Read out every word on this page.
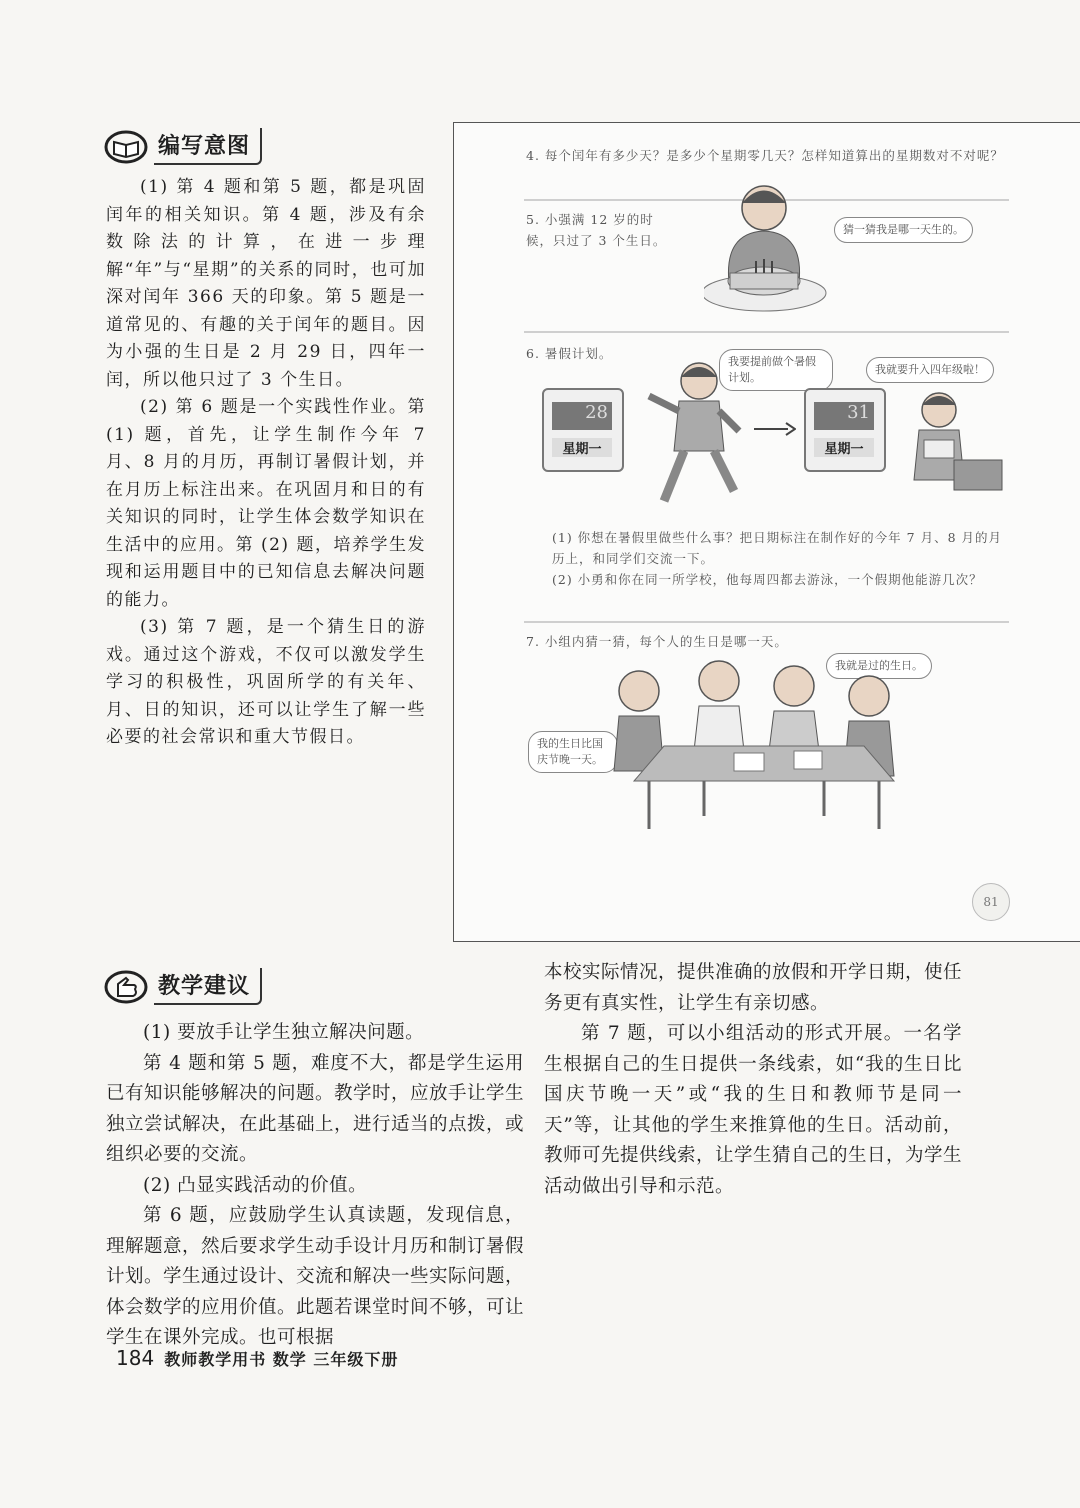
编写意图

(1) 第 4 题和第 5 题，都是巩固闰年的相关知识。第 4 题，涉及有余数除法的计算，在进一步理解“年”与“星期”的关系的同时，也可加深对闰年 366 天的印象。第 5 题是一道常见的、有趣的关于闰年的题目。因为小强的生日是 2 月 29 日，四年一闰，所以他只过了 3 个生日。

(2) 第 6 题是一个实践性作业。第 (1) 题，首先，让学生制作今年 7 月、8 月的月历，再制订暑假计划，并在月历上标注出来。在巩固月和日的有关知识的同时，让学生体会数学知识在生活中的应用。第 (2) 题，培养学生发现和运用题目中的已知信息去解决问题的能力。

(3) 第 7 题，是一个猜生日的游戏。通过这个游戏，不仅可以激发学生学习的积极性，巩固所学的有关年、月、日的知识，还可以让学生了解一些必要的社会常识和重大节假日。

4. 每个闰年有多少天？是多少个星期零几天？怎样知道算出的星期数对不对呢？
5. 小强满 12 岁的时候，只过了 3 个生日。
猜一猜我是哪一天生的。
6. 暑假计划。
28
星期一
我要提前做个暑假计划。
31
星期一
我就要升入四年级啦！
(1) 你想在暑假里做些什么事？把日期标注在制作好的今年 7 月、8 月的月历上，和同学们交流一下。
(2) 小勇和你在同一所学校，他每周四都去游泳，一个假期他能游几次？
7. 小组内猜一猜，每个人的生日是哪一天。
我就是过的生日。
我的生日比国庆节晚一天。
81
教学建议

(1) 要放手让学生独立解决问题。

第 4 题和第 5 题，难度不大，都是学生运用已有知识能够解决的问题。教学时，应放手让学生独立尝试解决，在此基础上，进行适当的点拨，或组织必要的交流。

(2) 凸显实践活动的价值。

第 6 题，应鼓励学生认真读题，发现信息，理解题意，然后要求学生动手设计月历和制订暑假计划。学生通过设计、交流和解决一些实际问题，体会数学的应用价值。此题若课堂时间不够，可让学生在课外完成。也可根据

本校实际情况，提供准确的放假和开学日期，使任务更有真实性，让学生有亲切感。

第 7 题，可以小组活动的形式开展。一名学生根据自己的生日提供一条线索，如“我的生日比国庆节晚一天”或“我的生日和教师节是同一天”等，让其他的学生来推算他的生日。活动前，教师可先提供线索，让学生猜自己的生日，为学生活动做出引导和示范。

184 教师教学用书 数学 三年级下册
